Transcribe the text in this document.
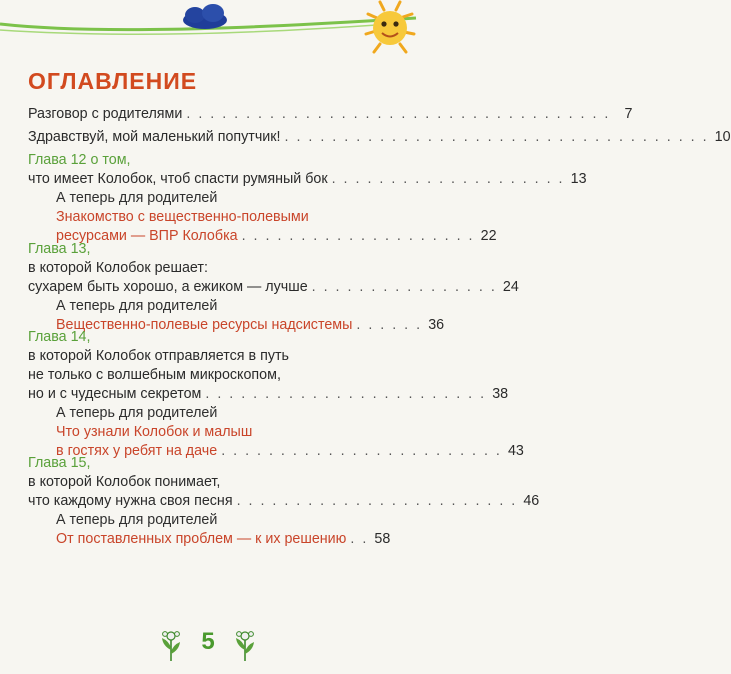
ОГЛАВЛЕНИЕ
Разговор с родителями . . . . . . . . . . . . . . . . . . . . . . . . . . . . . . . . . . . . 7
Здравствуй, мой маленький попутчик! . . . . . . . . . . . . . . . . . . . . . . . . . . . . . . . . . . . . 10
Глава 12 о том,
что имеет Колобок, чтоб спасти румяный бок . . . . . . . . . . . . . . . . . . . . 13
А теперь для родителей
Знакомство с вещественно-полевыми
ресурсами — ВПР Колобка . . . . . . . . . . . . . . . . . . . . 22
Глава 13,
в которой Колобок решает:
сухарем быть хорошо, а ежиком — лучше . . . . . . . . . . . . . . . . 24
А теперь для родителей
Вещественно-полевые ресурсы надсистемы . . . . . . 36
Глава 14,
в которой Колобок отправляется в путь
не только с волшебным микроскопом,
но и с чудесным секретом . . . . . . . . . . . . . . . . . . . . . . . . 38
А теперь для родителей
Что узнали Колобок и малыш
в гостях у ребят на даче . . . . . . . . . . . . . . . . . . . . . . . . 43
Глава 15,
в которой Колобок понимает,
что каждому нужна своя песня . . . . . . . . . . . . . . . . . . . . . . . . 46
А теперь для родителей
От поставленных проблем — к их решению . . 58
5
